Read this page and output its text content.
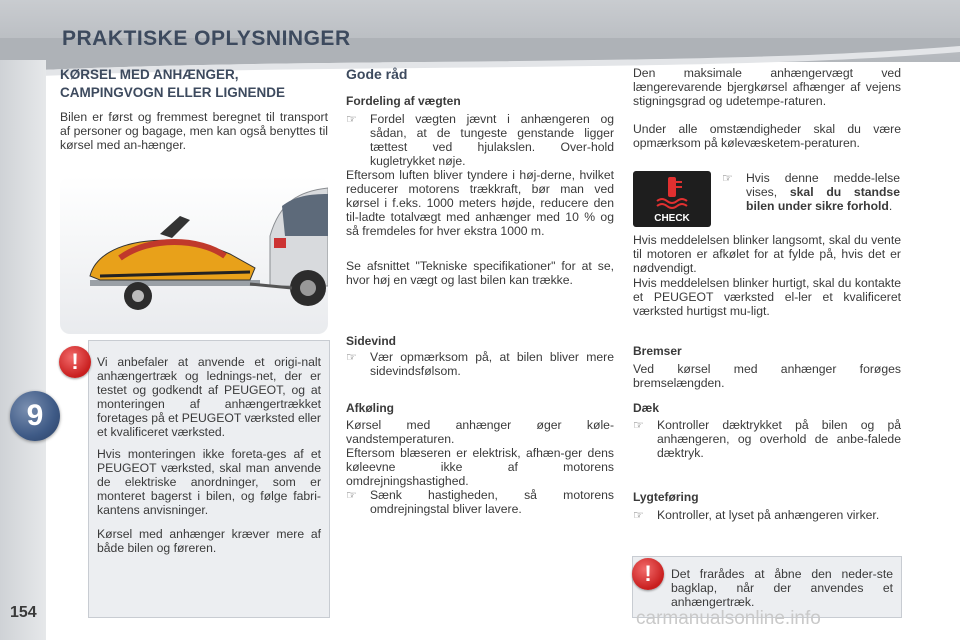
PRAKTISKE OPLYSNINGER
9
154
KØRSEL MED ANHÆNGER,
CAMPINGVOGN ELLER LIGNENDE
Bilen er først og fremmest beregnet til transport af personer og bagage, men kan også benyttes til kørsel med an-hænger.
Vi anbefaler at anvende et origi-nalt anhængertræk og lednings-net, der er testet og godkendt af PEUGEOT, og at monteringen af anhængertrækket foretages på et PEUGEOT værksted eller et kvalificeret værksted.
Hvis monteringen ikke foreta-ges af et PEUGEOT værksted, skal man anvende de elektriske anordninger, som er monteret bagerst i bilen, og følge fabri-kantens anvisninger.
Kørsel med anhænger kræver mere af både bilen og føreren.
!
Gode råd
Fordeling af vægten
☞ Fordel vægten jævnt i anhængeren og sådan, at de tungeste genstande ligger tættest ved hjulakslen. Over-hold kugletrykket nøje.
Eftersom luften bliver tyndere i høj-derne, hvilket reducerer motorens trækkraft, bør man ved kørsel i f.eks. 1000 meters højde, reducere den til-ladte totalvægt med anhænger med 10 % og så fremdeles for hver ekstra 1000 m.
Se afsnittet "Tekniske specifikationer" for at se, hvor høj en vægt og last bilen kan trække.
Sidevind
☞ Vær opmærksom på, at bilen bliver mere sidevindsfølsom.
Afkøling
Kørsel med anhænger øger køle-vandstemperaturen.
Eftersom blæseren er elektrisk, afhæn-ger dens køleevne ikke af motorens omdrejningshastighed.
☞ Sænk hastigheden, så motorens omdrejningstal bliver lavere.
Den maksimale anhængervægt ved længerevarende bjergkørsel afhænger af vejens stigningsgrad og udetempe-raturen.
Under alle omstændigheder skal du være opmærksom på kølevæsketem-peraturen.
CHECK
☞ Hvis denne medde-lelse vises, skal du standse bilen under sikre forhold.
Hvis meddelelsen blinker langsomt, skal du vente til motoren er afkølet for at fylde på, hvis det er nødvendigt.
Hvis meddelelsen blinker hurtigt, skal du kontakte et PEUGEOT værksted el-ler et kvalificeret værksted hurtigst mu-ligt.
Bremser
Ved kørsel med anhænger forøges bremselængden.
Dæk
☞ Kontroller dæktrykket på bilen og på anhængeren, og overhold de anbe-falede dæktryk.
Lygteføring
☞ Kontroller, at lyset på anhængeren virker.
Det frarådes at åbne den neder-ste bagklap, når der anvendes et anhængertræk.
!
carmanualsonline.info
